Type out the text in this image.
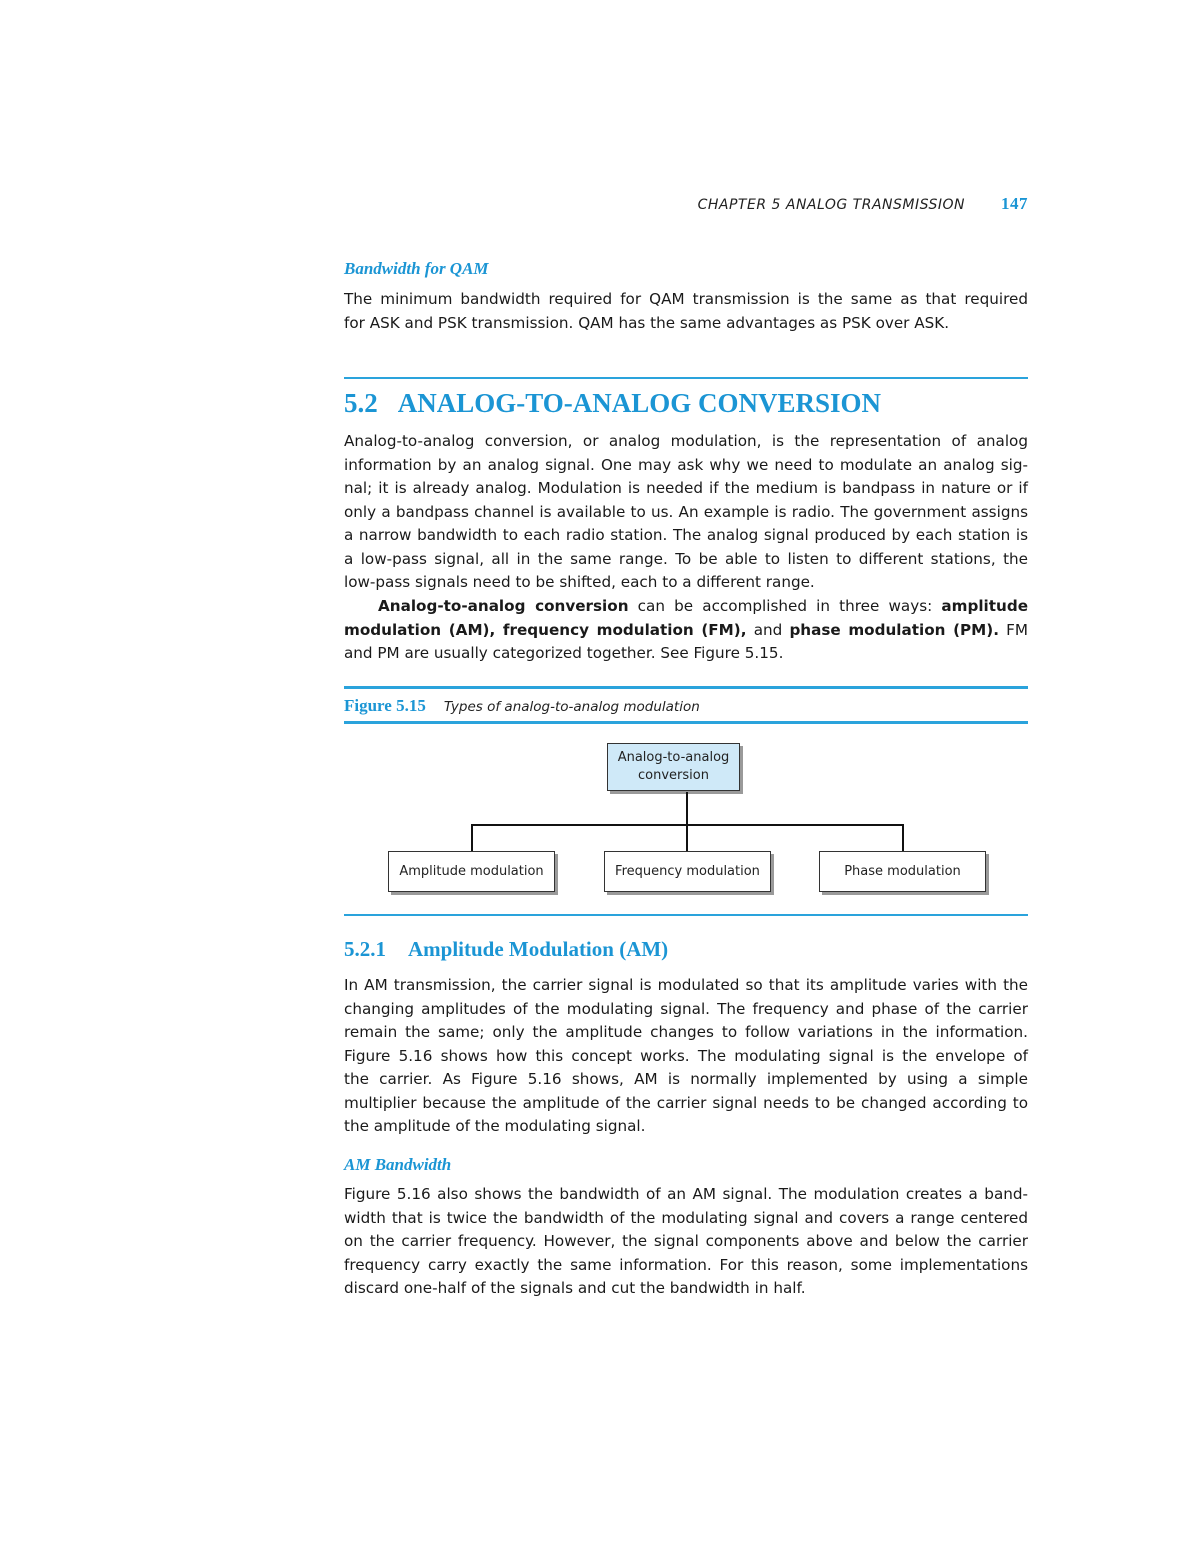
CHAPTER 5 ANALOG TRANSMISSION 147
Bandwidth for QAM
The minimum bandwidth required for QAM transmission is the same as that required
for ASK and PSK transmission. QAM has the same advantages as PSK over ASK.
5.2 ANALOG-TO-ANALOG CONVERSION
Analog-to-analog conversion, or analog modulation, is the representation of analog
information by an analog signal. One may ask why we need to modulate an analog sig-
nal; it is already analog. Modulation is needed if the medium is bandpass in nature or if
only a bandpass channel is available to us. An example is radio. The government assigns
a narrow bandwidth to each radio station. The analog signal produced by each station is
a low-pass signal, all in the same range. To be able to listen to different stations, the
low-pass signals need to be shifted, each to a different range.
Analog-to-analog conversion can be accomplished in three ways: amplitude
modulation (AM), frequency modulation (FM), and phase modulation (PM). FM
and PM are usually categorized together. See Figure 5.15.
Figure 5.15 Types of analog-to-analog modulation
Analog-to-analog
conversion
Amplitude modulation	Frequency modulation	Phase modulation
5.2.1 Amplitude Modulation (AM)
In AM transmission, the carrier signal is modulated so that its amplitude varies with the
changing amplitudes of the modulating signal. The frequency and phase of the carrier
remain the same; only the amplitude changes to follow variations in the information.
Figure 5.16 shows how this concept works. The modulating signal is the envelope of
the carrier. As Figure 5.16 shows, AM is normally implemented by using a simple
multiplier because the amplitude of the carrier signal needs to be changed according to
the amplitude of the modulating signal.
AM Bandwidth
Figure 5.16 also shows the bandwidth of an AM signal. The modulation creates a band-
width that is twice the bandwidth of the modulating signal and covers a range centered
on the carrier frequency. However, the signal components above and below the carrier
frequency carry exactly the same information. For this reason, some implementations
discard one-half of the signals and cut the bandwidth in half.
